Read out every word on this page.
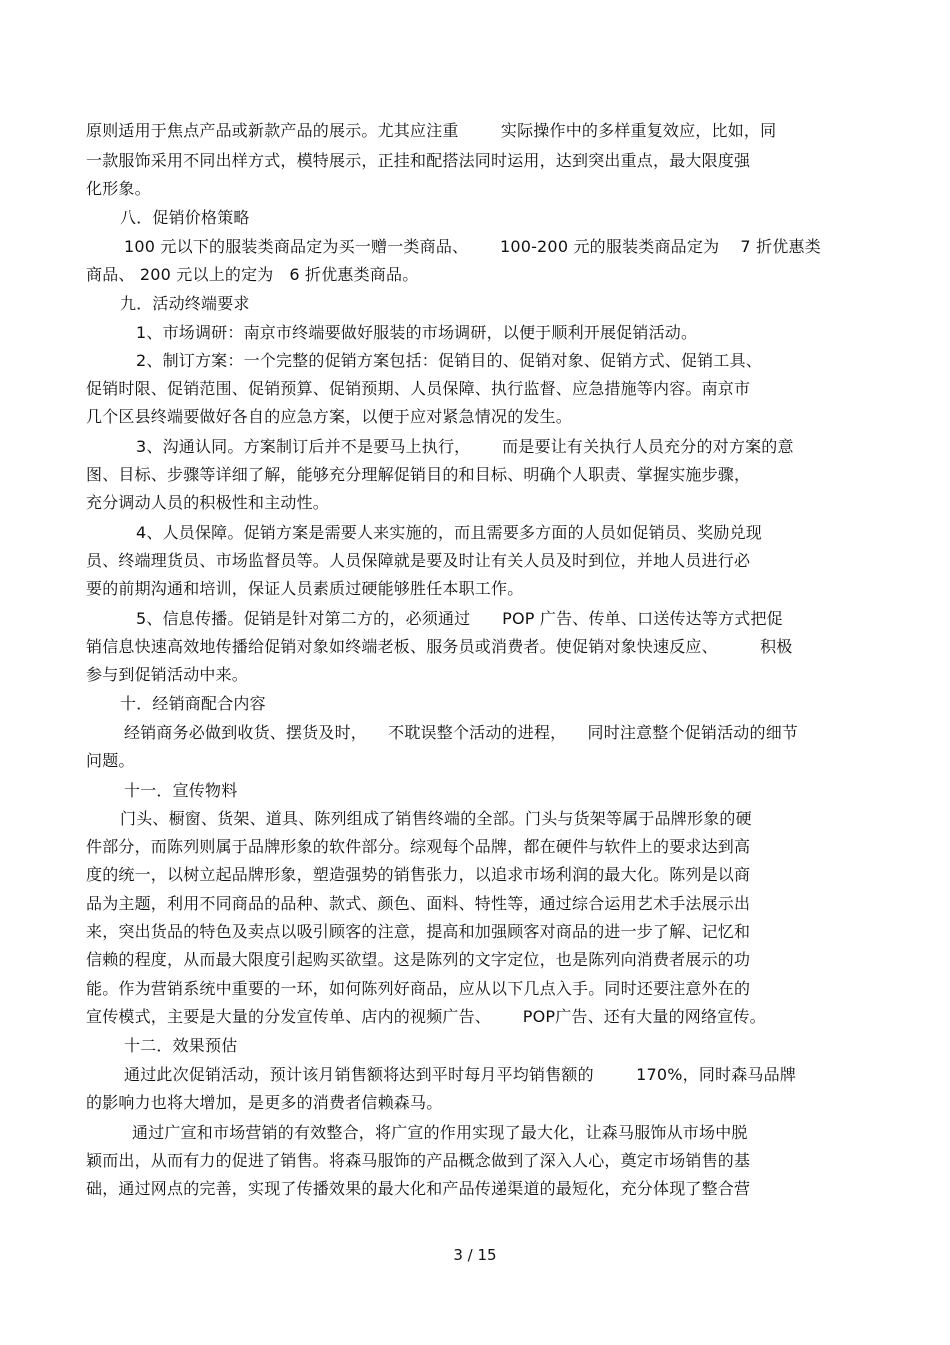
原则适用于焦点产品或新款产品的展示。尤其应注重        实际操作中的多样重复效应，比如，同
一款服饰采用不同出样方式，模特展示，正挂和配搭法同时运用，达到突出重点，最大限度强
化形象。
八．促销价格策略
100 元以下的服装类商品定为买一赠一类商品、      100-200 元的服装类商品定为    7 折优惠类
商品、 200 元以上的定为   6 折优惠类商品。
九．活动终端要求
1、市场调研：南京市终端要做好服装的市场调研，以便于顺利开展促销活动。
2、制订方案：一个完整的促销方案包括：促销目的、促销对象、促销方式、促销工具、
促销时限、促销范围、促销预算、促销预期、人员保障、执行监督、应急措施等内容。南京市
几个区县终端要做好各自的应急方案，以便于应对紧急情况的发生。
3、沟通认同。方案制订后并不是要马上执行，      而是要让有关执行人员充分的对方案的意
图、目标、步骤等详细了解，能够充分理解促销目的和目标、明确个人职责、掌握实施步骤，
充分调动人员的积极性和主动性。
4、人员保障。促销方案是需要人来实施的，而且需要多方面的人员如促销员、奖励兑现
员、终端理货员、市场监督员等。人员保障就是要及时让有关人员及时到位，并地人员进行必
要的前期沟通和培训，保证人员素质过硬能够胜任本职工作。
5、信息传播。促销是针对第二方的，必须通过      POP 广告、传单、口送传达等方式把促
销信息快速高效地传播给促销对象如终端老板、服务员或消费者。使促销对象快速反应、        积极
参与到促销活动中来。
十．经销商配合内容
经销商务必做到收货、摆货及时，    不耽误整个活动的进程，    同时注意整个促销活动的细节
问题。
十一．宣传物料
门头、橱窗、货架、道具、陈列组成了销售终端的全部。门头与货架等属于品牌形象的硬
件部分，而陈列则属于品牌形象的软件部分。综观每个品牌，都在硬件与软件上的要求达到高
度的统一，以树立起品牌形象，塑造强势的销售张力，以追求市场利润的最大化。陈列是以商
品为主题，利用不同商品的品种、款式、颜色、面料、特性等，通过综合运用艺术手法展示出
来，突出货品的特色及卖点以吸引顾客的注意，提高和加强顾客对商品的进一步了解、记忆和
信赖的程度，从而最大限度引起购买欲望。这是陈列的文字定位，也是陈列向消费者展示的功
能。作为营销系统中重要的一环，如何陈列好商品，应从以下几点入手。同时还要注意外在的
宣传模式，主要是大量的分发宣传单、店内的视频广告、      POP广告、还有大量的网络宣传。
十二．效果预估
通过此次促销活动，预计该月销售额将达到平时每月平均销售额的        170%，同时森马品牌
的影响力也将大增加，是更多的消费者信赖森马。
通过广宣和市场营销的有效整合，将广宣的作用实现了最大化，让森马服饰从市场中脱
颖而出，从而有力的促进了销售。将森马服饰的产品概念做到了深入人心，奠定市场销售的基
础，通过网点的完善，实现了传播效果的最大化和产品传递渠道的最短化，充分体现了整合营
3 / 15
